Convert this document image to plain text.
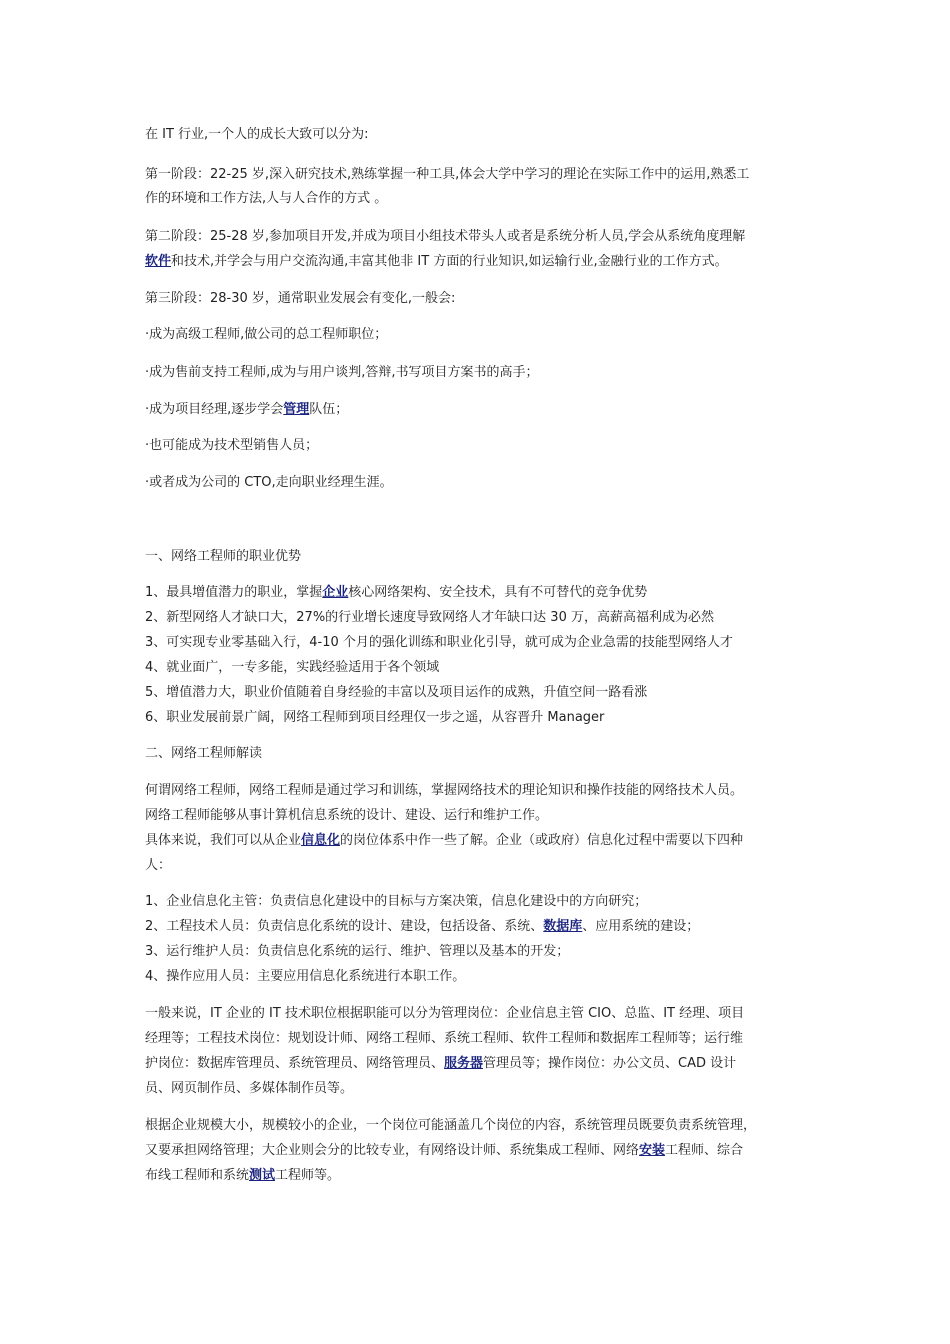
在 IT 行业,一个人的成长大致可以分为:
第一阶段：22-25 岁,深入研究技术,熟练掌握一种工具,体会大学中学习的理论在实际工作中的运用,熟悉工
作的环境和工作方法,人与人合作的方式 。
第二阶段：25-28 岁,参加项目开发,并成为项目小组技术带头人或者是系统分析人员,学会从系统角度理解
软件和技术,并学会与用户交流沟通,丰富其他非 IT 方面的行业知识,如运输行业,金融行业的工作方式。
第三阶段：28-30 岁，通常职业发展会有变化,一般会:
·成为高级工程师,做公司的总工程师职位；
·成为售前支持工程师,成为与用户谈判,答辩,书写项目方案书的高手；
·成为项目经理,逐步学会管理队伍；
·也可能成为技术型销售人员；
·或者成为公司的 CTO,走向职业经理生涯。
一、网络工程师的职业优势
1、最具增值潜力的职业，掌握企业核心网络架构、安全技术，具有不可替代的竞争优势
2、新型网络人才缺口大，27%的行业增长速度导致网络人才年缺口达 30 万，高薪高福利成为必然
3、可实现专业零基础入行，4-10 个月的强化训练和职业化引导，就可成为企业急需的技能型网络人才
4、就业面广，一专多能，实践经验适用于各个领域
5、增值潜力大，职业价值随着自身经验的丰富以及项目运作的成熟，升值空间一路看涨
6、职业发展前景广阔，网络工程师到项目经理仅一步之遥，从容晋升 Manager
二、网络工程师解读
何谓网络工程师，网络工程师是通过学习和训练，掌握网络技术的理论知识和操作技能的网络技术人员。
网络工程师能够从事计算机信息系统的设计、建设、运行和维护工作。
具体来说，我们可以从企业信息化的岗位体系中作一些了解。企业（或政府）信息化过程中需要以下四种
人：
1、企业信息化主管：负责信息化建设中的目标与方案决策，信息化建设中的方向研究；
2、工程技术人员：负责信息化系统的设计、建设，包括设备、系统、数据库、应用系统的建设；
3、运行维护人员：负责信息化系统的运行、维护、管理以及基本的开发；
4、操作应用人员：主要应用信息化系统进行本职工作。
一般来说，IT 企业的 IT 技术职位根据职能可以分为管理岗位：企业信息主管 CIO、总监、IT 经理、项目
经理等；工程技术岗位：规划设计师、网络工程师、系统工程师、软件工程师和数据库工程师等；运行维
护岗位：数据库管理员、系统管理员、网络管理员、服务器管理员等；操作岗位：办公文员、CAD 设计
员、网页制作员、多媒体制作员等。
根据企业规模大小，规模较小的企业，一个岗位可能涵盖几个岗位的内容，系统管理员既要负责系统管理，
又要承担网络管理；大企业则会分的比较专业，有网络设计师、系统集成工程师、网络安装工程师、综合
布线工程师和系统测试工程师等。
